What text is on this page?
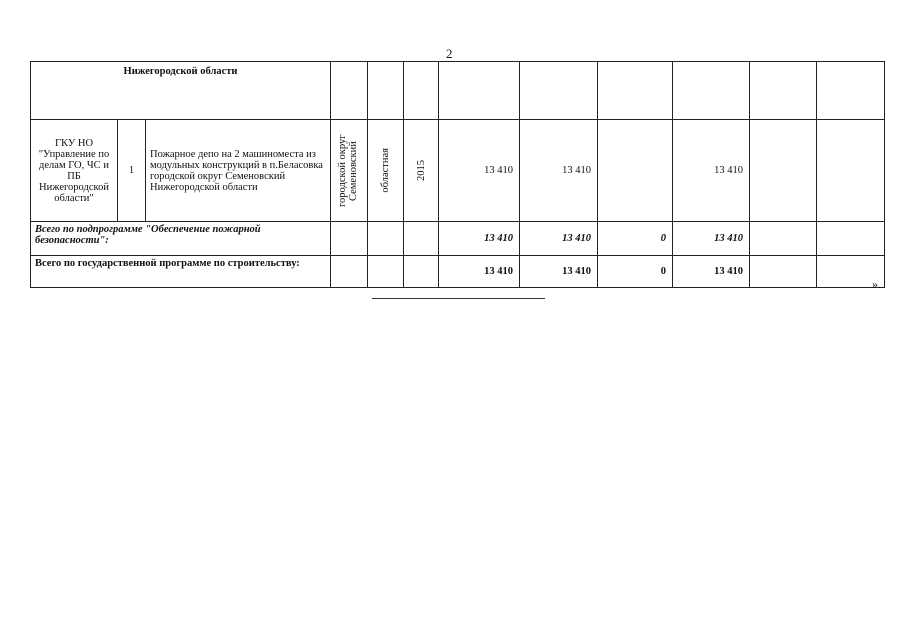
2
Нижегородской области											
ГКУ НО "Управление по делам ГО, ЧС и ПБ Нижегородской области"	1	Пожарное депо на 2 машиноместа из модульных конструкций в п.Беласовка городской округ Семеновский Нижегородской области	городской округ Семеновский	областная	2015	13 410	13 410		13 410		
Всего по подпрограмме "Обеспечение пожарной безопасности":						13 410	13 410	0	13 410		
Всего по государственной программе по строительству:						13 410	13 410	0	13 410		
».
